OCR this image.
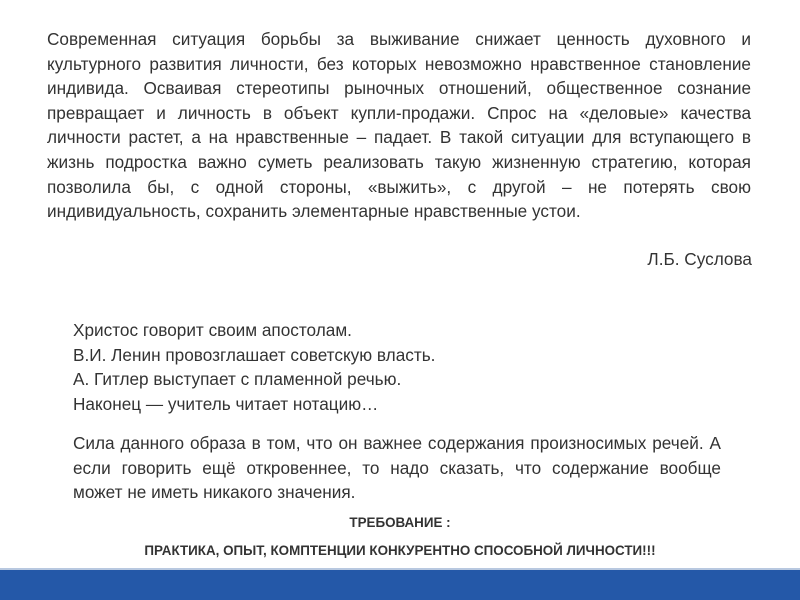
Современная ситуация борьбы за выживание снижает ценность духовного и культурного развития личности, без которых невозможно нравственное становление индивида. Осваивая стереотипы рыночных отношений, общественное сознание превращает и личность в объект купли-продажи. Спрос на «деловые» качества личности растет, а на нравственные – падает. В такой ситуации для вступающего в жизнь подростка важно суметь реализовать такую жизненную стратегию, которая позволила бы, с одной стороны, «выжить», с другой – не потерять свою индивидуальность, сохранить элементарные нравственные устои.

Л.Б. Суслова

Христос говорит своим апостолам.
В.И. Ленин провозглашает советскую власть.
А. Гитлер выступает с пламенной речью.
Наконец — учитель читает нотацию…

Сила данного образа в том, что он важнее содержания произносимых речей. А если говорить ещё откровеннее, то надо сказать, что содержание вообще может не иметь никакого значения.

ТРЕБОВАНИЕ :

ПРАКТИКА, ОПЫТ, КОМПТЕНЦИИ КОНКУРЕНТНО СПОСОБНОЙ ЛИЧНОСТИ!!!
